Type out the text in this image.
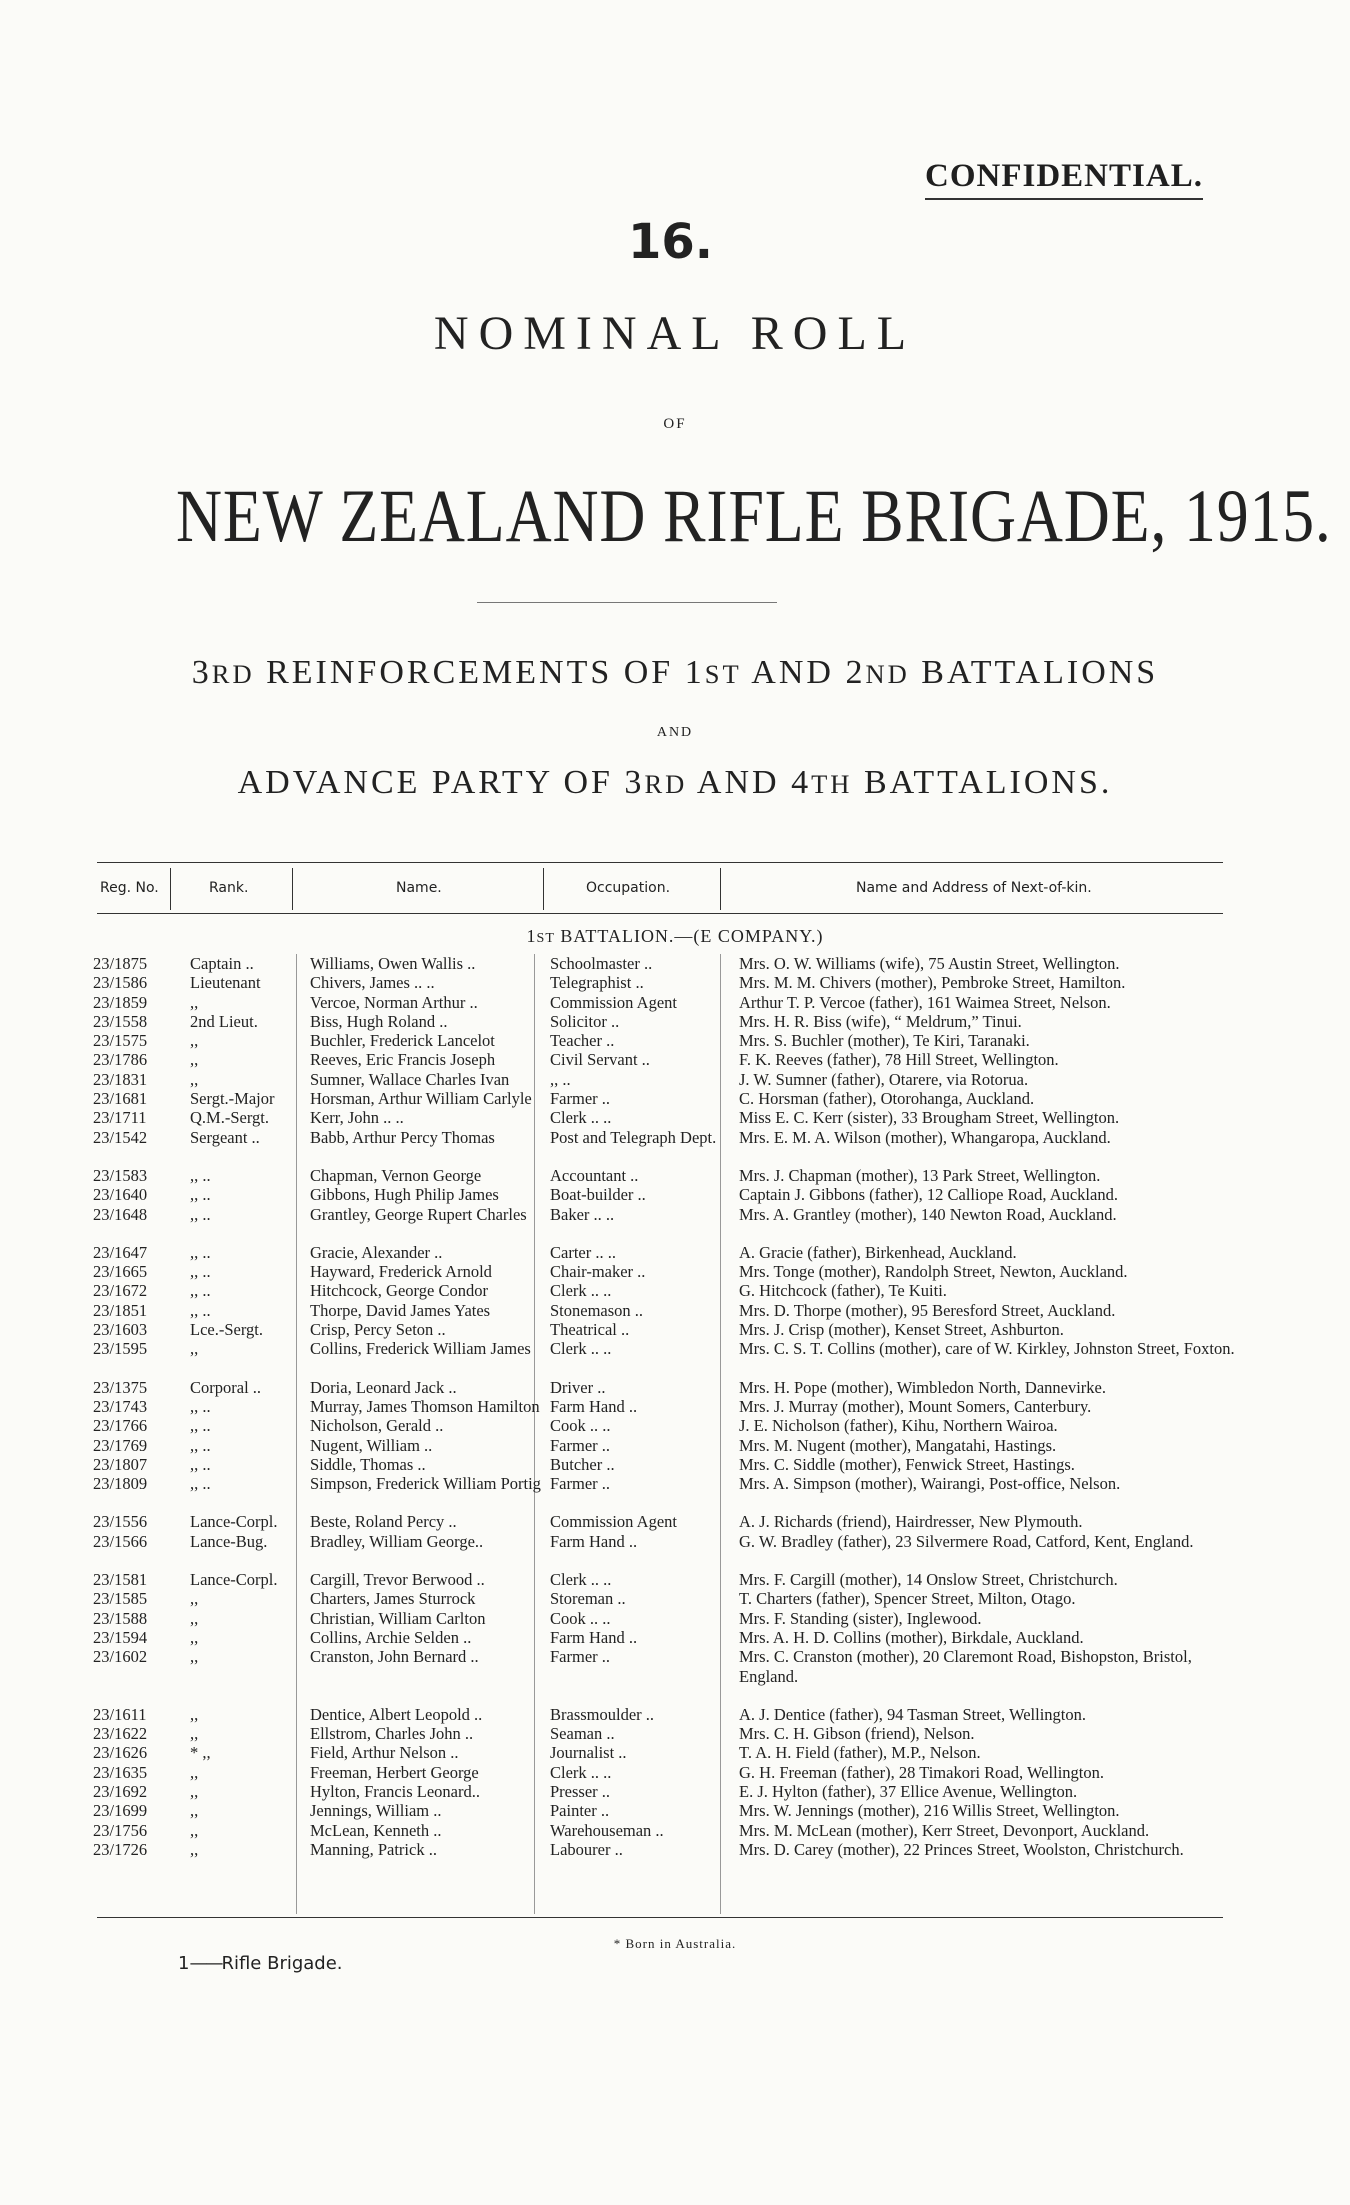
CONFIDENTIAL.
16.
NOMINAL ROLL
OF
NEW ZEALAND RIFLE BRIGADE, 1915.
3RD REINFORCEMENTS OF 1ST AND 2ND BATTALIONS
AND
ADVANCE PARTY OF 3RD AND 4TH BATTALIONS.
Reg. No.	Rank.	Name.	Occupation.	Name and Address of Next-of-kin.
1ST BATTALION.—(E COMPANY.)
23/1875	Captain ..	Williams, Owen Wallis ..	Schoolmaster ..	Mrs. O. W. Williams (wife), 75 Austin Street, Wellington.
23/1586	Lieutenant	Chivers, James .. ..	Telegraphist ..	Mrs. M. M. Chivers (mother), Pembroke Street, Hamilton.
23/1859	,,	Vercoe, Norman Arthur ..	Commission Agent	Arthur T. P. Vercoe (father), 161 Waimea Street, Nelson.
23/1558	2nd Lieut.	Biss, Hugh Roland ..	Solicitor ..	Mrs. H. R. Biss (wife), “ Meldrum,” Tinui.
23/1575	,,	Buchler, Frederick Lancelot	Teacher ..	Mrs. S. Buchler (mother), Te Kiri, Taranaki.
23/1786	,,	Reeves, Eric Francis Joseph	Civil Servant ..	F. K. Reeves (father), 78 Hill Street, Wellington.
23/1831	,,	Sumner, Wallace Charles Ivan	,, ..	J. W. Sumner (father), Otarere, via Rotorua.
23/1681	Sergt.-Major	Horsman, Arthur William Carlyle	Farmer ..	C. Horsman (father), Otorohanga, Auckland.
23/1711	Q.M.-Sergt.	Kerr, John .. ..	Clerk .. ..	Miss E. C. Kerr (sister), 33 Brougham Street, Wellington.
23/1542	Sergeant ..	Babb, Arthur Percy Thomas	Post and Telegraph Dept.	Mrs. E. M. A. Wilson (mother), Whangaropa, Auckland.
23/1583	,, ..	Chapman, Vernon George	Accountant ..	Mrs. J. Chapman (mother), 13 Park Street, Wellington.
23/1640	,, ..	Gibbons, Hugh Philip James	Boat-builder ..	Captain J. Gibbons (father), 12 Calliope Road, Auckland.
23/1648	,, ..	Grantley, George Rupert Charles	Baker .. ..	Mrs. A. Grantley (mother), 140 Newton Road, Auckland.
23/1647	,, ..	Gracie, Alexander ..	Carter .. ..	A. Gracie (father), Birkenhead, Auckland.
23/1665	,, ..	Hayward, Frederick Arnold	Chair-maker ..	Mrs. Tonge (mother), Randolph Street, Newton, Auckland.
23/1672	,, ..	Hitchcock, George Condor	Clerk .. ..	G. Hitchcock (father), Te Kuiti.
23/1851	,, ..	Thorpe, David James Yates	Stonemason ..	Mrs. D. Thorpe (mother), 95 Beresford Street, Auckland.
23/1603	Lce.-Sergt.	Crisp, Percy Seton ..	Theatrical ..	Mrs. J. Crisp (mother), Kenset Street, Ashburton.
23/1595	,,	Collins, Frederick William James	Clerk .. ..	Mrs. C. S. T. Collins (mother), care of W. Kirkley, Johnston Street, Foxton.
23/1375	Corporal ..	Doria, Leonard Jack ..	Driver ..	Mrs. H. Pope (mother), Wimbledon North, Dannevirke.
23/1743	,, ..	Murray, James Thomson Hamilton	Farm Hand ..	Mrs. J. Murray (mother), Mount Somers, Canterbury.
23/1766	,, ..	Nicholson, Gerald ..	Cook .. ..	J. E. Nicholson (father), Kihu, Northern Wairoa.
23/1769	,, ..	Nugent, William ..	Farmer ..	Mrs. M. Nugent (mother), Mangatahi, Hastings.
23/1807	,, ..	Siddle, Thomas ..	Butcher ..	Mrs. C. Siddle (mother), Fenwick Street, Hastings.
23/1809	,, ..	Simpson, Frederick William Portig	Farmer ..	Mrs. A. Simpson (mother), Wairangi, Post-office, Nelson.
23/1556	Lance-Corpl.	Beste, Roland Percy ..	Commission Agent	A. J. Richards (friend), Hairdresser, New Plymouth.
23/1566	Lance-Bug.	Bradley, William George..	Farm Hand ..	G. W. Bradley (father), 23 Silvermere Road, Catford, Kent, England.
23/1581	Lance-Corpl.	Cargill, Trevor Berwood ..	Clerk .. ..	Mrs. F. Cargill (mother), 14 Onslow Street, Christchurch.
23/1585	,,	Charters, James Sturrock	Storeman ..	T. Charters (father), Spencer Street, Milton, Otago.
23/1588	,,	Christian, William Carlton	Cook .. ..	Mrs. F. Standing (sister), Inglewood.
23/1594	,,	Collins, Archie Selden ..	Farm Hand ..	Mrs. A. H. D. Collins (mother), Birkdale, Auckland.
23/1602	,,	Cranston, John Bernard ..	Farmer ..	Mrs. C. Cranston (mother), 20 Claremont Road, Bishopston, Bristol, England.
23/1611	,,	Dentice, Albert Leopold ..	Brassmoulder ..	A. J. Dentice (father), 94 Tasman Street, Wellington.
23/1622	,,	Ellstrom, Charles John ..	Seaman ..	Mrs. C. H. Gibson (friend), Nelson.
23/1626	* ,,	Field, Arthur Nelson ..	Journalist ..	T. A. H. Field (father), M.P., Nelson.
23/1635	,,	Freeman, Herbert George	Clerk .. ..	G. H. Freeman (father), 28 Timakori Road, Wellington.
23/1692	,,	Hylton, Francis Leonard..	Presser ..	E. J. Hylton (father), 37 Ellice Avenue, Wellington.
23/1699	,,	Jennings, William ..	Painter ..	Mrs. W. Jennings (mother), 216 Willis Street, Wellington.
23/1756	,,	McLean, Kenneth ..	Warehouseman ..	Mrs. M. McLean (mother), Kerr Street, Devonport, Auckland.
23/1726	,,	Manning, Patrick ..	Labourer ..	Mrs. D. Carey (mother), 22 Princes Street, Woolston, Christchurch.
* Born in Australia.
1——Rifle Brigade.
